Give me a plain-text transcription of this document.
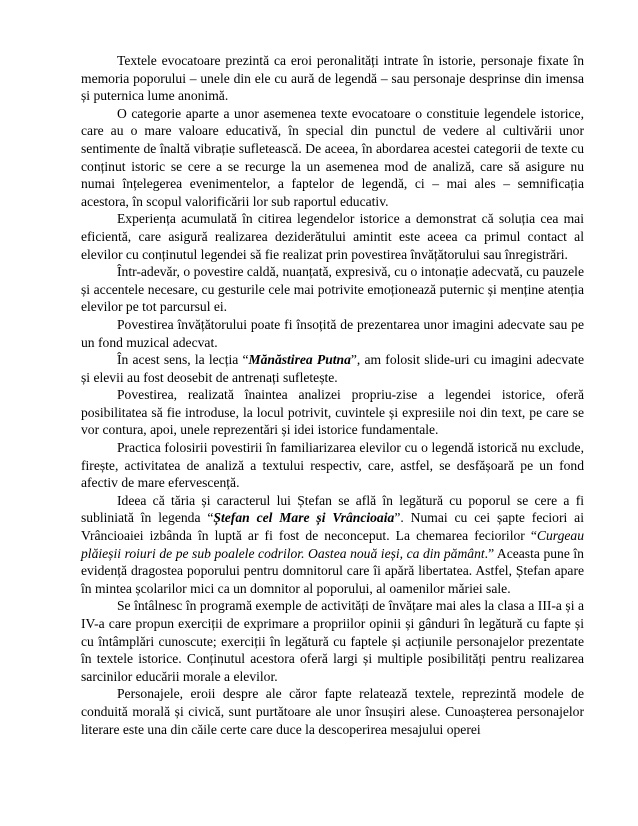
Textele evocatoare prezintă ca eroi peronalități intrate în istorie, personaje fixate în memoria poporului – unele din ele cu aură de legendă – sau personaje desprinse din imensa și puternica lume anonimă.

O categorie aparte a unor asemenea texte evocatoare o constituie legendele istorice, care au o mare valoare educativă, în special din punctul de vedere al cultivării unor sentimente de înaltă vibrație sufletească. De aceea, în abordarea acestei categorii de texte cu conținut istoric se cere a se recurge la un asemenea mod de analiză, care să asigure nu numai înțelegerea evenimentelor, a faptelor de legendă, ci – mai ales – semnificația acestora, în scopul valorificării lor sub raportul educativ.

Experiența acumulată în citirea legendelor istorice a demonstrat că soluția cea mai eficientă, care asigură realizarea deziderătului amintit este aceea ca primul contact al elevilor cu conținutul legendei să fie realizat prin povestirea învățătorului sau înregistrări.

Într-adevăr, o povestire caldă, nuanțată, expresivă, cu o intonație adecvată, cu pauzele și accentele necesare, cu gesturile cele mai potrivite emoționează puternic și menține atenția elevilor pe tot parcursul ei.

Povestirea învățătorului poate fi însoțită de prezentarea unor imagini adecvate sau pe un fond muzical adecvat.

În acest sens, la lecția “Mănăstirea Putna”, am folosit slide-uri cu imagini adecvate și elevii au fost deosebit de antrenați sufletește.

Povestirea, realizată înaintea analizei propriu-zise a legendei istorice, oferă posibilitatea să fie introduse, la locul potrivit, cuvintele și expresiile noi din text, pe care se vor contura, apoi, unele reprezentări și idei istorice fundamentale.

Practica folosirii povestirii în familiarizarea elevilor cu o legendă istorică nu exclude, firește, activitatea de analiză a textului respectiv, care, astfel, se desfășoară pe un fond afectiv de mare efervescență.

Ideea că tăria și caracterul lui Ștefan se află în legătură cu poporul se cere a fi subliniată în legenda “Ștefan cel Mare și Vrâncioaia”. Numai cu cei șapte feciori ai Vrâncioaiei izbânda în luptă ar fi fost de neconceput. La chemarea feciorilor “Curgeau plăieșii roiuri de pe sub poalele codrilor. Oastea nouă ieși, ca din pământ.” Aceasta pune în evidență dragostea poporului pentru domnitorul care îi apără libertatea. Astfel, Ștefan apare în mintea școlarilor mici ca un domnitor al poporului, al oamenilor măriei sale.

Se întâlnesc în programă exemple de activități de învățare mai ales la clasa a III-a și a IV-a care propun exerciții de exprimare a propriilor opinii și gânduri în legătură cu fapte și cu întâmplări cunoscute; exerciții în legătură cu faptele și acțiunile personajelor prezentate în textele istorice. Conținutul acestora oferă largi și multiple posibilități pentru realizarea sarcinilor educării morale a elevilor.

Personajele, eroii despre ale căror fapte relatează textele, reprezintă modele de conduită morală și civică, sunt purtătoare ale unor însușiri alese. Cunoașterea personajelor literare este una din căile certe care duce la descoperirea mesajului operei
